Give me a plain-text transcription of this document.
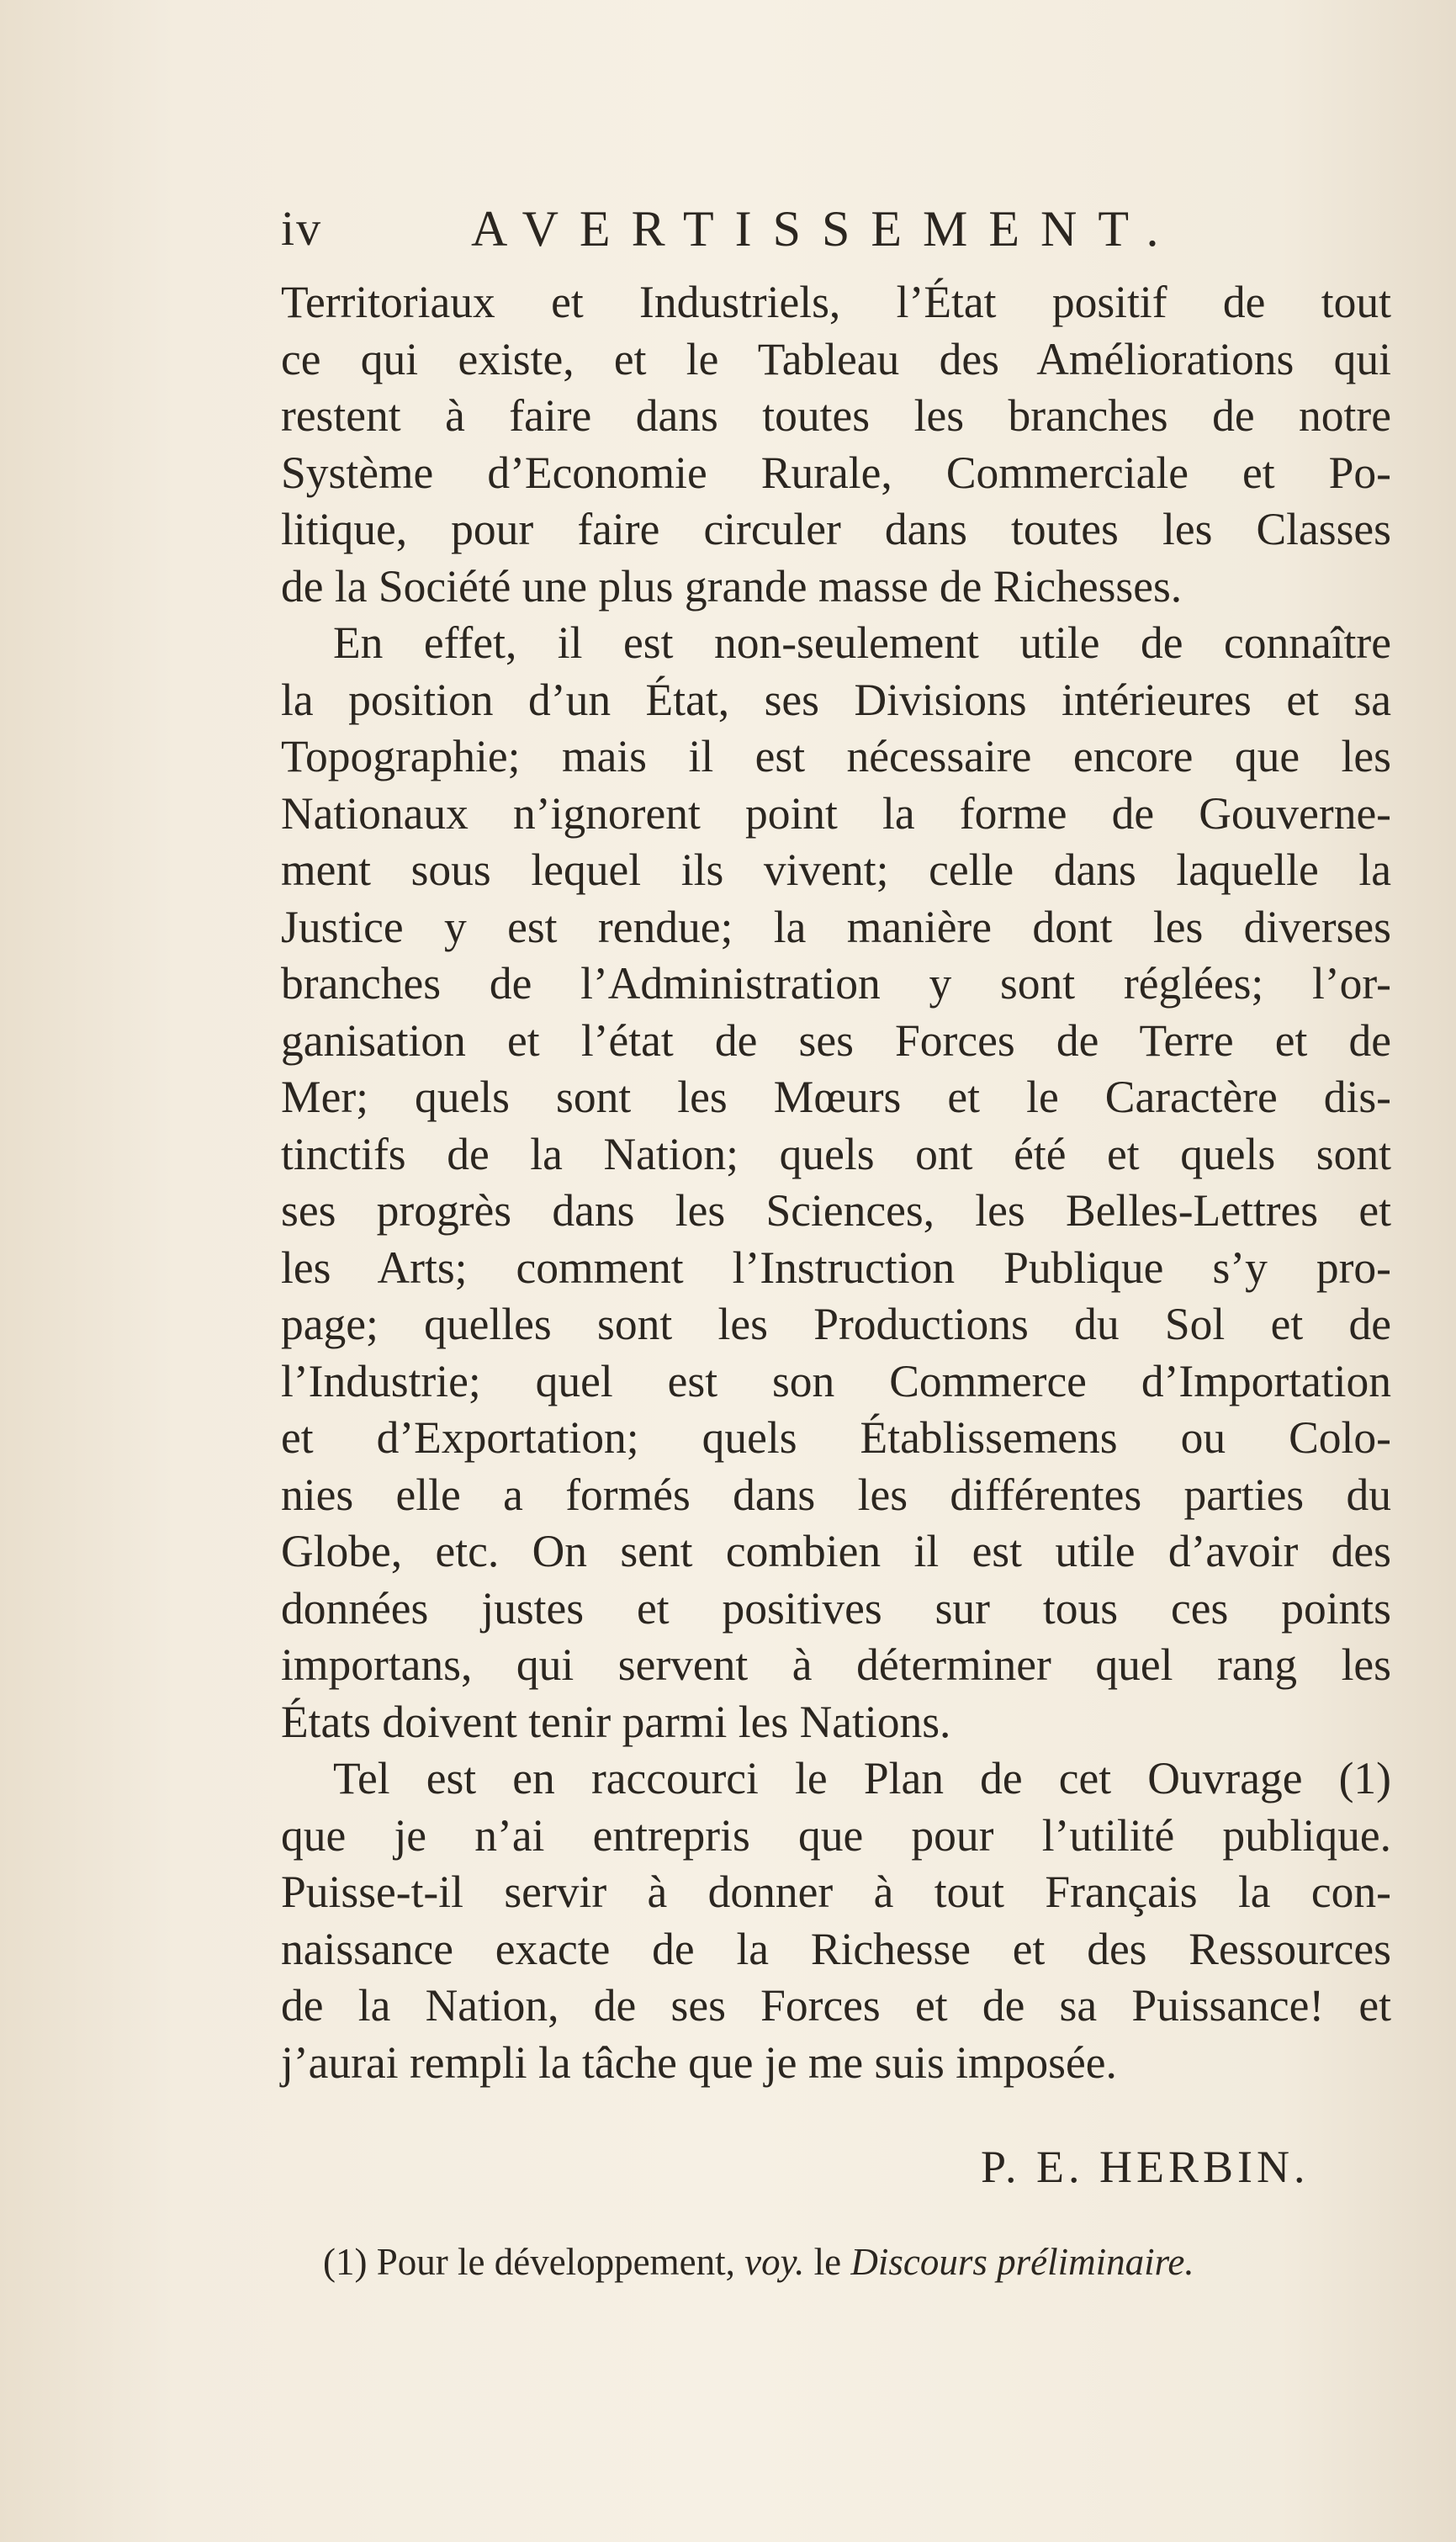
iv	AVERTISSEMENT.
Territoriaux et Industriels, l’État positif de tout
ce qui existe, et le Tableau des Améliorations qui
restent à faire dans toutes les branches de notre
Système d’Economie Rurale, Commerciale et Po-
litique, pour faire circuler dans toutes les Classes
de la Société une plus grande masse de Richesses.
En effet, il est non-seulement utile de connaître
la position d’un État, ses Divisions intérieures et sa
Topographie; mais il est nécessaire encore que les
Nationaux n’ignorent point la forme de Gouverne-
ment sous lequel ils vivent; celle dans laquelle la
Justice y est rendue; la manière dont les diverses
branches de l’Administration y sont réglées; l’or-
ganisation et l’état de ses Forces de Terre et de
Mer; quels sont les Mœurs et le Caractère dis-
tinctifs de la Nation; quels ont été et quels sont
ses progrès dans les Sciences, les Belles-Lettres et
les Arts; comment l’Instruction Publique s’y pro-
page; quelles sont les Productions du Sol et de
l’Industrie; quel est son Commerce d’Importation
et d’Exportation; quels Établissemens ou Colo-
nies elle a formés dans les différentes parties du
Globe, etc. On sent combien il est utile d’avoir des
données justes et positives sur tous ces points
importans, qui servent à déterminer quel rang les
États doivent tenir parmi les Nations.
Tel est en raccourci le Plan de cet Ouvrage (1)
que je n’ai entrepris que pour l’utilité publique.
Puisse-t-il servir à donner à tout Français la con-
naissance exacte de la Richesse et des Ressources
de la Nation, de ses Forces et de sa Puissance! et
j’aurai rempli la tâche que je me suis imposée.
P. E. HERBIN.
(1) Pour le développement, voy. le Discours préliminaire.
